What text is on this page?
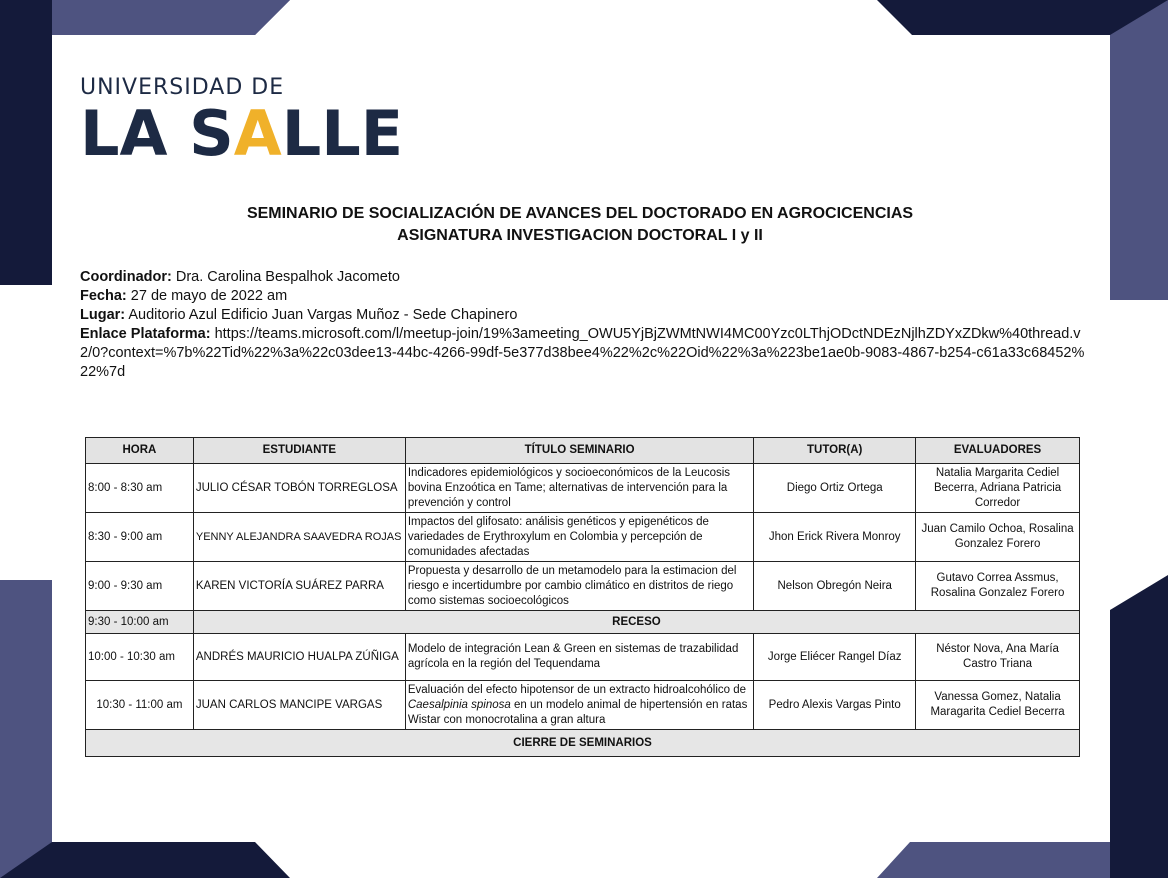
UNIVERSIDAD DE
LA SALLE
SEMINARIO DE SOCIALIZACIÓN DE AVANCES DEL DOCTORADO EN AGROCICENCIAS
ASIGNATURA INVESTIGACION DOCTORAL I y II
Coordinador: Dra. Carolina Bespalhok Jacometo
Fecha: 27 de mayo de 2022 am
Lugar: Auditorio Azul Edificio Juan Vargas Muñoz - Sede Chapinero
Enlace Plataforma: https://teams.microsoft.com/l/meetup-join/19%3ameeting_OWU5YjBjZWMtNWI4MC00Yzc0LThjODctNDEzNjlhZDYxZDkw%40thread.v2/0?context=%7b%22Tid%22%3a%22c03dee13-44bc-4266-99df-5e377d38bee4%22%2c%22Oid%22%3a%223be1ae0b-9083-4867-b254-c61a33c68452%22%7d
HORA	ESTUDIANTE	TÍTULO SEMINARIO	TUTOR(A)	EVALUADORES
8:00 - 8:30 am	JULIO CÉSAR TOBÓN TORREGLOSA	Indicadores epidemiológicos y socioeconómicos de la Leucosis bovina Enzoótica en Tame; alternativas de intervención para la prevención y control	Diego Ortiz Ortega	Natalia Margarita Cediel Becerra, Adriana Patricia Corredor
8:30 - 9:00 am	YENNY ALEJANDRA SAAVEDRA ROJAS	Impactos del glifosato: análisis genéticos y epigenéticos de variedades de Erythroxylum en Colombia y percepción de comunidades afectadas	Jhon Erick Rivera Monroy	Juan Camilo Ochoa, Rosalina Gonzalez Forero
9:00 - 9:30 am	KAREN VICTORÍA SUÁREZ PARRA	Propuesta y desarrollo de un metamodelo para la estimacion del riesgo e incertidumbre por cambio climático en distritos de riego como sistemas socioecológicos	Nelson Obregón Neira	Gutavo Correa Assmus, Rosalina Gonzalez Forero
9:30 - 10:00 am	RECESO			
10:00 - 10:30 am	ANDRÉS MAURICIO HUALPA ZÚÑIGA	Modelo de integración Lean & Green en sistemas de trazabilidad agrícola en la región del Tequendama	Jorge Eliécer Rangel Díaz	Néstor Nova, Ana María Castro Triana
10:30 - 11:00 am	JUAN CARLOS MANCIPE VARGAS	Evaluación del efecto hipotensor de un extracto hidroalcohólico de Caesalpinia spinosa en un modelo animal de hipertensión en ratas Wistar con monocrotalina a gran altura	Pedro Alexis Vargas Pinto	Vanessa Gomez, Natalia Maragarita Cediel Becerra
CIERRE DE SEMINARIOS				
